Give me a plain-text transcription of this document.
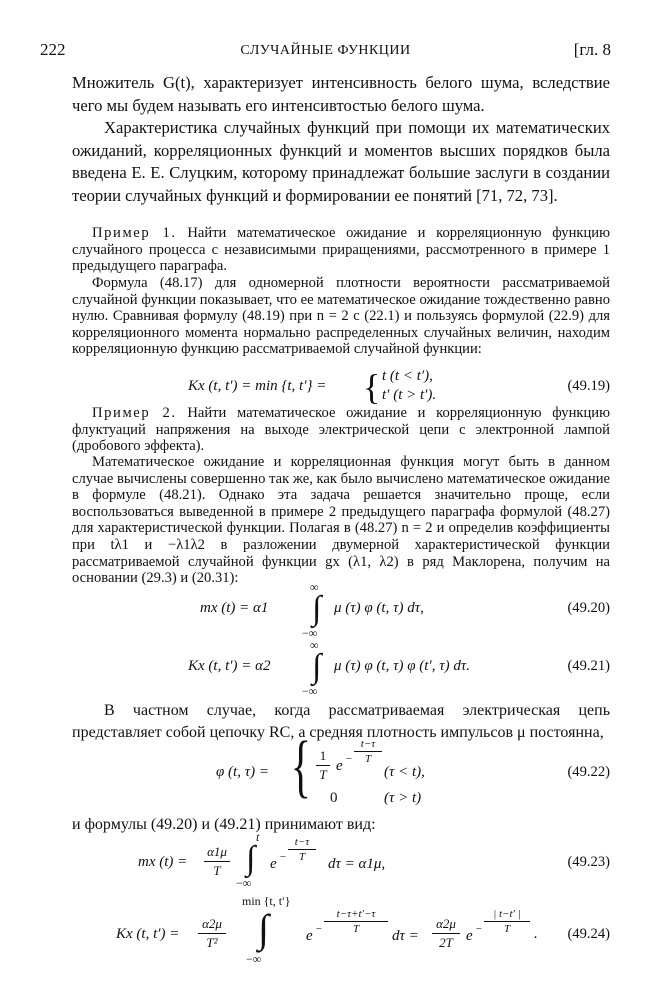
222	СЛУЧАЙНЫЕ ФУНКЦИИ	[гл. 8

Множитель G(t), характеризует интенсивность белого шума, вследствие чего мы будем называть его интенсивтостью белого шума.

Характеристика случайных функций при помощи их математических ожиданий, корреляционных функций и моментов высших порядков была введена Е. Е. Слуцким, которому принадлежат большие заслуги в создании теории случайных функций и формировании ее понятий [71, 72, 73].

Пример 1. Найти математическое ожидание и корреляционную функцию случайного процесса с независимыми приращениями, рассмотренного в примере 1 предыдущего параграфа.

Формула (48.17) для одномерной плотности вероятности рассматриваемой случайной функции показывает, что ее математическое ожидание тождественно равно нулю. Сравнивая формулу (48.19) при n = 2 с (22.1) и пользуясь формулой (22.9) для корреляционного момента нормально распределенных случайных величин, находим корреляционную функцию рассматриваемой случайной функции:

Kx (t, t′) = min {t, t′} = { t (t < t′),
t′ (t > t′).
(49.19)

Пример 2. Найти математическое ожидание и корреляционную функцию флуктуаций напряжения на выходе электрической цепи с электронной лампой (дробового эффекта).

Математическое ожидание и корреляционная функция могут быть в данном случае вычислены совершенно так же, как было вычислено математическое ожидание в формуле (48.21). Однако эта задача решается значительно проще, если воспользоваться выведенной в примере 2 предыдущего параграфа формулой (48.27) для характеристической функции. Полагая в (48.27) n = 2 и определив коэффициенты при tλ1 и −λ1λ2 в разложении двумерной характеристической функции рассматриваемой случайной функции gx (λ1, λ2) в ряд Маклорена, получим на основании (29.3) и (20.31):

mx (t) = α1
∞
∫
−∞
μ (τ) φ (t, τ) dτ,	(49.20)
Kx (t, t′) = α2
∞
∫
−∞
μ (τ) φ (t, τ) φ (t′, τ) dτ.	(49.21)

В частном случае, когда рассматриваемая электрическая цепь представляет собой цепочку RC, а средняя плотность импульсов μ постоянна,

φ (t, τ) = { 1
T
e −
t−τ
T
(τ < t),
0	(τ > t)
(49.22)

и формулы (49.20) и (49.21) принимают вид:

mx (t) =
α1μ
T
t
∫
−∞
e −
t−τ
T	dτ = α1μ,	(49.23)
Kx (t, t′) =
α2μ
T²
min {t, t′}
∫
−∞
e −
t−τ+t′−τ
T	dτ =
α2μ
2T e −
| t−t′ |
T	. (49.24)
